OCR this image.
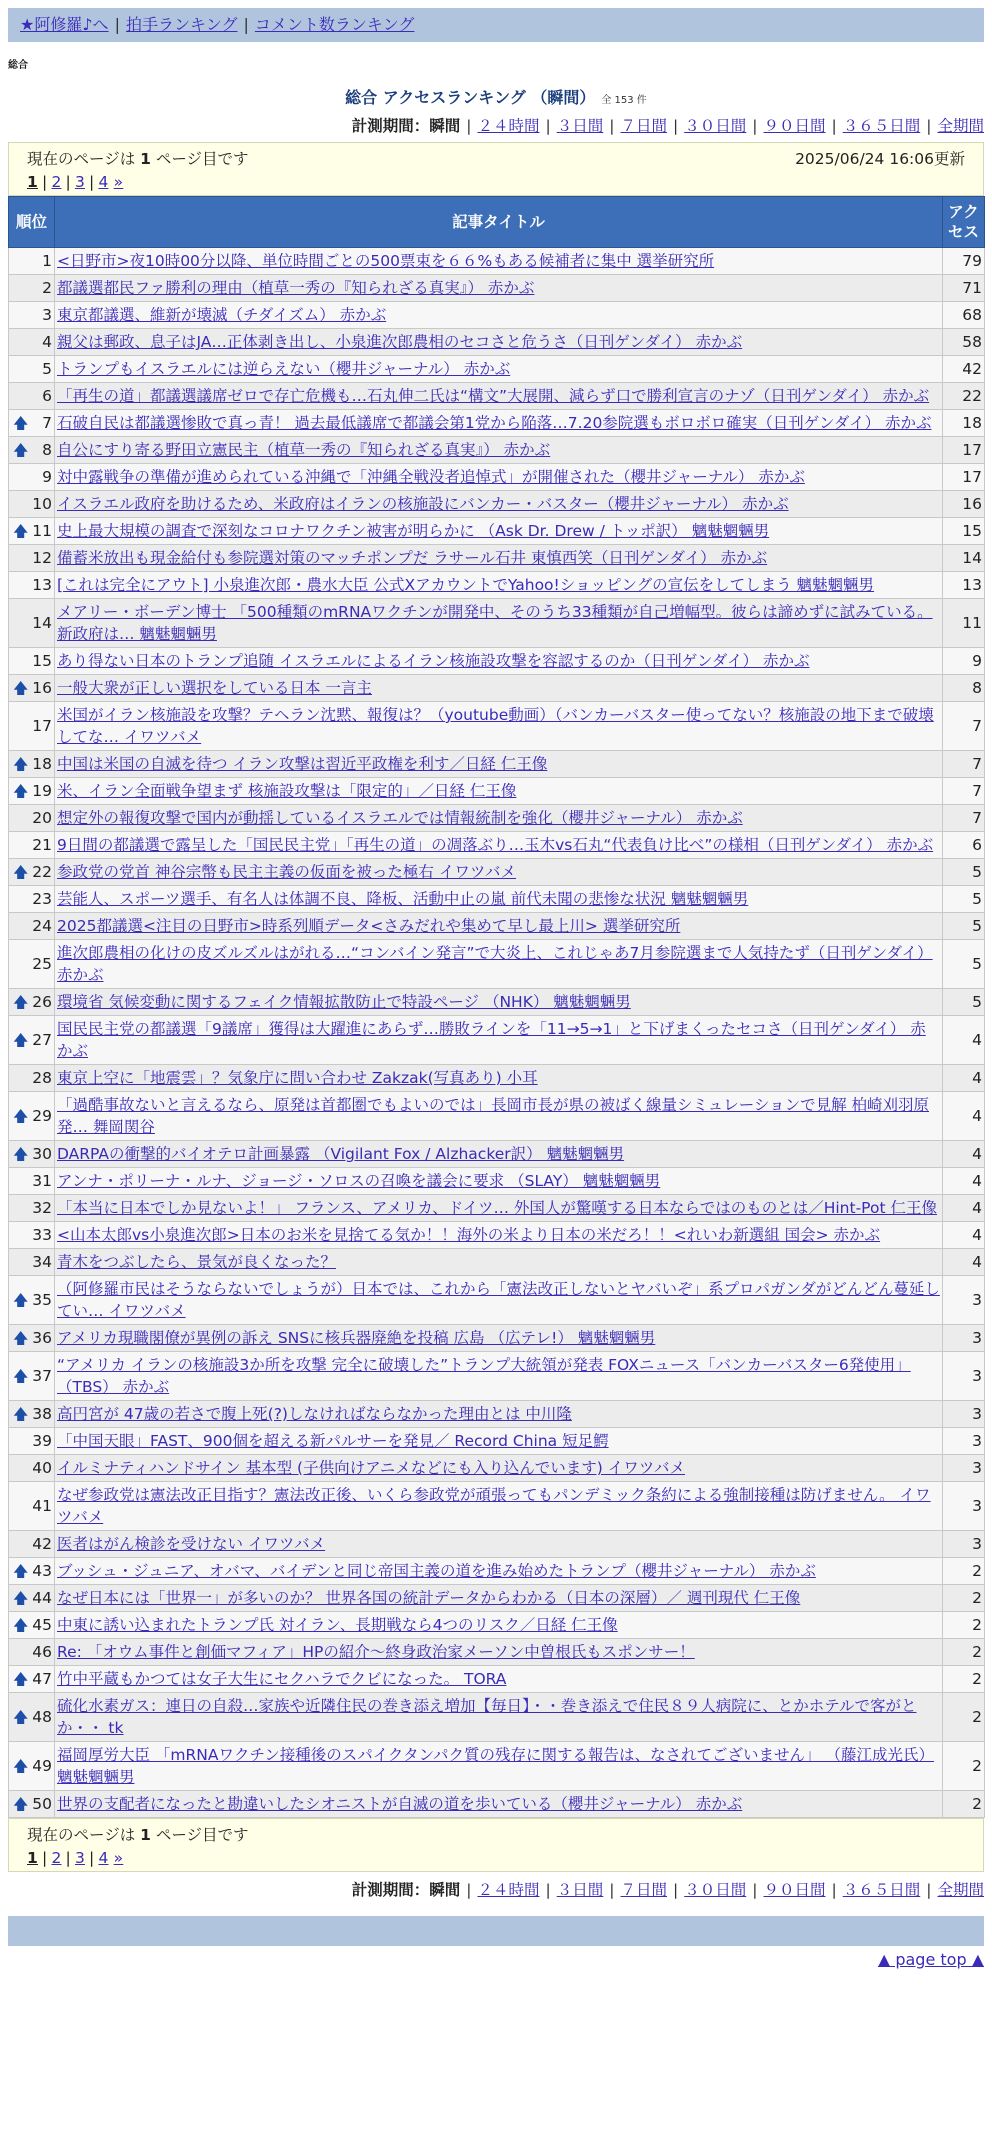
★阿修羅♪へ | 拍手ランキング | コメント数ランキング
総合
総合 アクセスランキング （瞬間） 全 153 件
計測期間：瞬間 | ２４時間 | ３日間 | ７日間 | ３０日間 | ９０日間 | ３６５日間 | 全期間
現在のページは 1 ページ目です	2025/06/24 16:06更新
1 | 2 | 3 | 4 »
順位	記事タイトル	アクセス
1	<日野市>夜10時00分以降、単位時間ごとの500票束を６６%もある候補者に集中 選挙研究所	79
2	都議選都民ファ勝利の理由（植草一秀の『知られざる真実』） 赤かぶ	71
3	東京都議選、維新が壊滅（チダイズム） 赤かぶ	68
4	親父は郵政、息子はJA…正体剥き出し、小泉進次郎農相のセコさと危うさ（日刊ゲンダイ） 赤かぶ	58
5	トランプもイスラエルには逆らえない（櫻井ジャーナル） 赤かぶ	42
6	「再生の道」都議選議席ゼロで存亡危機も…石丸伸二氏は“構文”大展開、減らず口で勝利宣言のナゾ（日刊ゲンダイ） 赤かぶ	22

🡅 7	石破自民は都議選惨敗で真っ青！ 過去最低議席で都議会第1党から陥落…7.20参院選もボロボロ確実（日刊ゲンダイ） 赤かぶ	18

🡅 8	自公にすり寄る野田立憲民主（植草一秀の『知られざる真実』） 赤かぶ	17
9	対中露戦争の準備が進められている沖縄で「沖縄全戦没者追悼式」が開催された（櫻井ジャーナル） 赤かぶ	17
10	イスラエル政府を助けるため、米政府はイランの核施設にバンカー・バスター（櫻井ジャーナル） 赤かぶ	16

🡅 11	史上最大規模の調査で深刻なコロナワクチン被害が明らかに （Ask Dr. Drew / トッポ訳） 魑魅魍魎男	15
12	備蓄米放出も現金給付も参院選対策のマッチポンプだ ラサール石井 東慎西笑（日刊ゲンダイ） 赤かぶ	14
13	[これは完全にアウト] 小泉進次郎・農水大臣 公式XアカウントでYahoo!ショッピングの宣伝をしてしまう 魑魅魍魎男	13
14	メアリー・ボーデン博士 「500種類のmRNAワクチンが開発中、そのうち33種類が自己増幅型。彼らは諦めずに試みている。新政府は… 魑魅魍魎男	11
15	あり得ない日本のトランプ追随 イスラエルによるイラン核施設攻撃を容認するのか（日刊ゲンダイ） 赤かぶ	9

🡅 16	一般大衆が正しい選択をしている日本 一言主	8
17	米国がイラン核施設を攻撃？テヘラン沈黙、報復は？（youtube動画）（バンカーバスター使ってない？核施設の地下まで破壊してな… イワツバメ	7

🡅 18	中国は米国の自滅を待つ イラン攻撃は習近平政権を利す／日経 仁王像	7

🡅 19	米、イラン全面戦争望まず 核施設攻撃は「限定的」／日経 仁王像	7
20	想定外の報復攻撃で国内が動揺しているイスラエルでは情報統制を強化（櫻井ジャーナル） 赤かぶ	7
21	9日間の都議選で露呈した「国民民主党」「再生の道」の凋落ぶり…玉木vs石丸“代表負け比べ”の様相（日刊ゲンダイ） 赤かぶ	6

🡅 22	参政党の党首 神谷宗幣も民主主義の仮面を被った極右 イワツバメ	5
23	芸能人、スポーツ選手、有名人は体調不良、降板、活動中止の嵐 前代未聞の悲惨な状況 魑魅魍魎男	5
24	2025都議選<注目の日野市>時系列順データ<さみだれや集めて早し最上川> 選挙研究所	5
25	進次郎農相の化けの皮ズルズルはがれる…“コンバイン発言”で大炎上、これじゃあ7月参院選まで人気持たず（日刊ゲンダイ） 赤かぶ	5

🡅 26	環境省 気候変動に関するフェイク情報拡散防止で特設ページ （NHK） 魑魅魍魎男	5

🡅 27	国民民主党の都議選「9議席」獲得は大躍進にあらず…勝敗ラインを「11→5→1」と下げまくったセコさ（日刊ゲンダイ） 赤かぶ	4
28	東京上空に「地震雲」？気象庁に問い合わせ Zakzak(写真あり) 小耳	4

🡅 29	「過酷事故ないと言えるなら、原発は首都圏でもよいのでは」長岡市長が県の被ばく線量シミュレーションで見解 柏崎刈羽原発… 舞岡関谷	4

🡅 30	DARPAの衝撃的バイオテロ計画暴露 （Vigilant Fox / Alzhacker訳） 魑魅魍魎男	4
31	アンナ・ポリーナ・ルナ、ジョージ・ソロスの召喚を議会に要求 （SLAY） 魑魅魍魎男	4
32	「本当に日本でしか見ないよ！」 フランス、アメリカ、ドイツ… 外国人が驚嘆する日本ならではのものとは／Hint-Pot 仁王像	4
33	<山本太郎vs小泉進次郎>日本のお米を見捨てる気か！！海外の米より日本の米だろ！！<れいわ新選組 国会> 赤かぶ	4
34	青木をつぶしたら、景気が良くなった？	4

🡅 35	（阿修羅市民はそうならないでしょうが）日本では、これから「憲法改正しないとヤバいぞ」系プロパガンダがどんどん蔓延してい… イワツバメ	3

🡅 36	アメリカ現職閣僚が異例の訴え SNSに核兵器廃絶を投稿 広島 （広テレ!） 魑魅魍魎男	3

🡅 37	“アメリカ イランの核施設3か所を攻撃 完全に破壊した”トランプ大統領が発表 FOXニュース「バンカーバスター6発使用」（TBS） 赤かぶ	3

🡅 38	高円宮が 47歳の若さで腹上死(?)しなければならなかった理由とは 中川隆	3
39	「中国天眼」FAST、900個を超える新パルサーを発見／ Record China 短足鰐	3
40	イルミナティハンドサイン 基本型 (子供向けアニメなどにも入り込んでいます) イワツバメ	3
41	なぜ参政党は憲法改正目指す？憲法改正後、いくら参政党が頑張ってもパンデミック条約による強制接種は防げません。 イワツバメ	3
42	医者はがん検診を受けない イワツバメ	3

🡅 43	ブッシュ・ジュニア、オバマ、バイデンと同じ帝国主義の道を進み始めたトランプ（櫻井ジャーナル） 赤かぶ	2

🡅 44	なぜ日本には「世界一」が多いのか？ 世界各国の統計データからわかる（日本の深層）／ 週刊現代 仁王像	2

🡅 45	中東に誘い込まれたトランプ氏 対イラン、長期戦なら4つのリスク／日経 仁王像	2
46	Re: 「オウム事件と創価マフィア」HPの紹介〜終身政治家メーソン中曽根氏もスポンサー！	2

🡅 47	竹中平蔵もかつては女子大生にセクハラでクビになった。 TORA	2

🡅 48	硫化水素ガス：連日の自殺…家族や近隣住民の巻き添え増加【毎日】・・巻き添えで住民８９人病院に、とかホテルで客がとか・・ tk	2

🡅 49	福岡厚労大臣 「mRNAワクチン接種後のスパイクタンパク質の残存に関する報告は、なされてございません」 （藤江成光氏） 魑魅魍魎男	2

🡅 50	世界の支配者になったと勘違いしたシオニストが自滅の道を歩いている（櫻井ジャーナル） 赤かぶ	2
現在のページは 1 ページ目です
1 | 2 | 3 | 4 »
計測期間：瞬間 | ２４時間 | ３日間 | ７日間 | ３０日間 | ９０日間 | ３６５日間 | 全期間
▲ page top ▲
